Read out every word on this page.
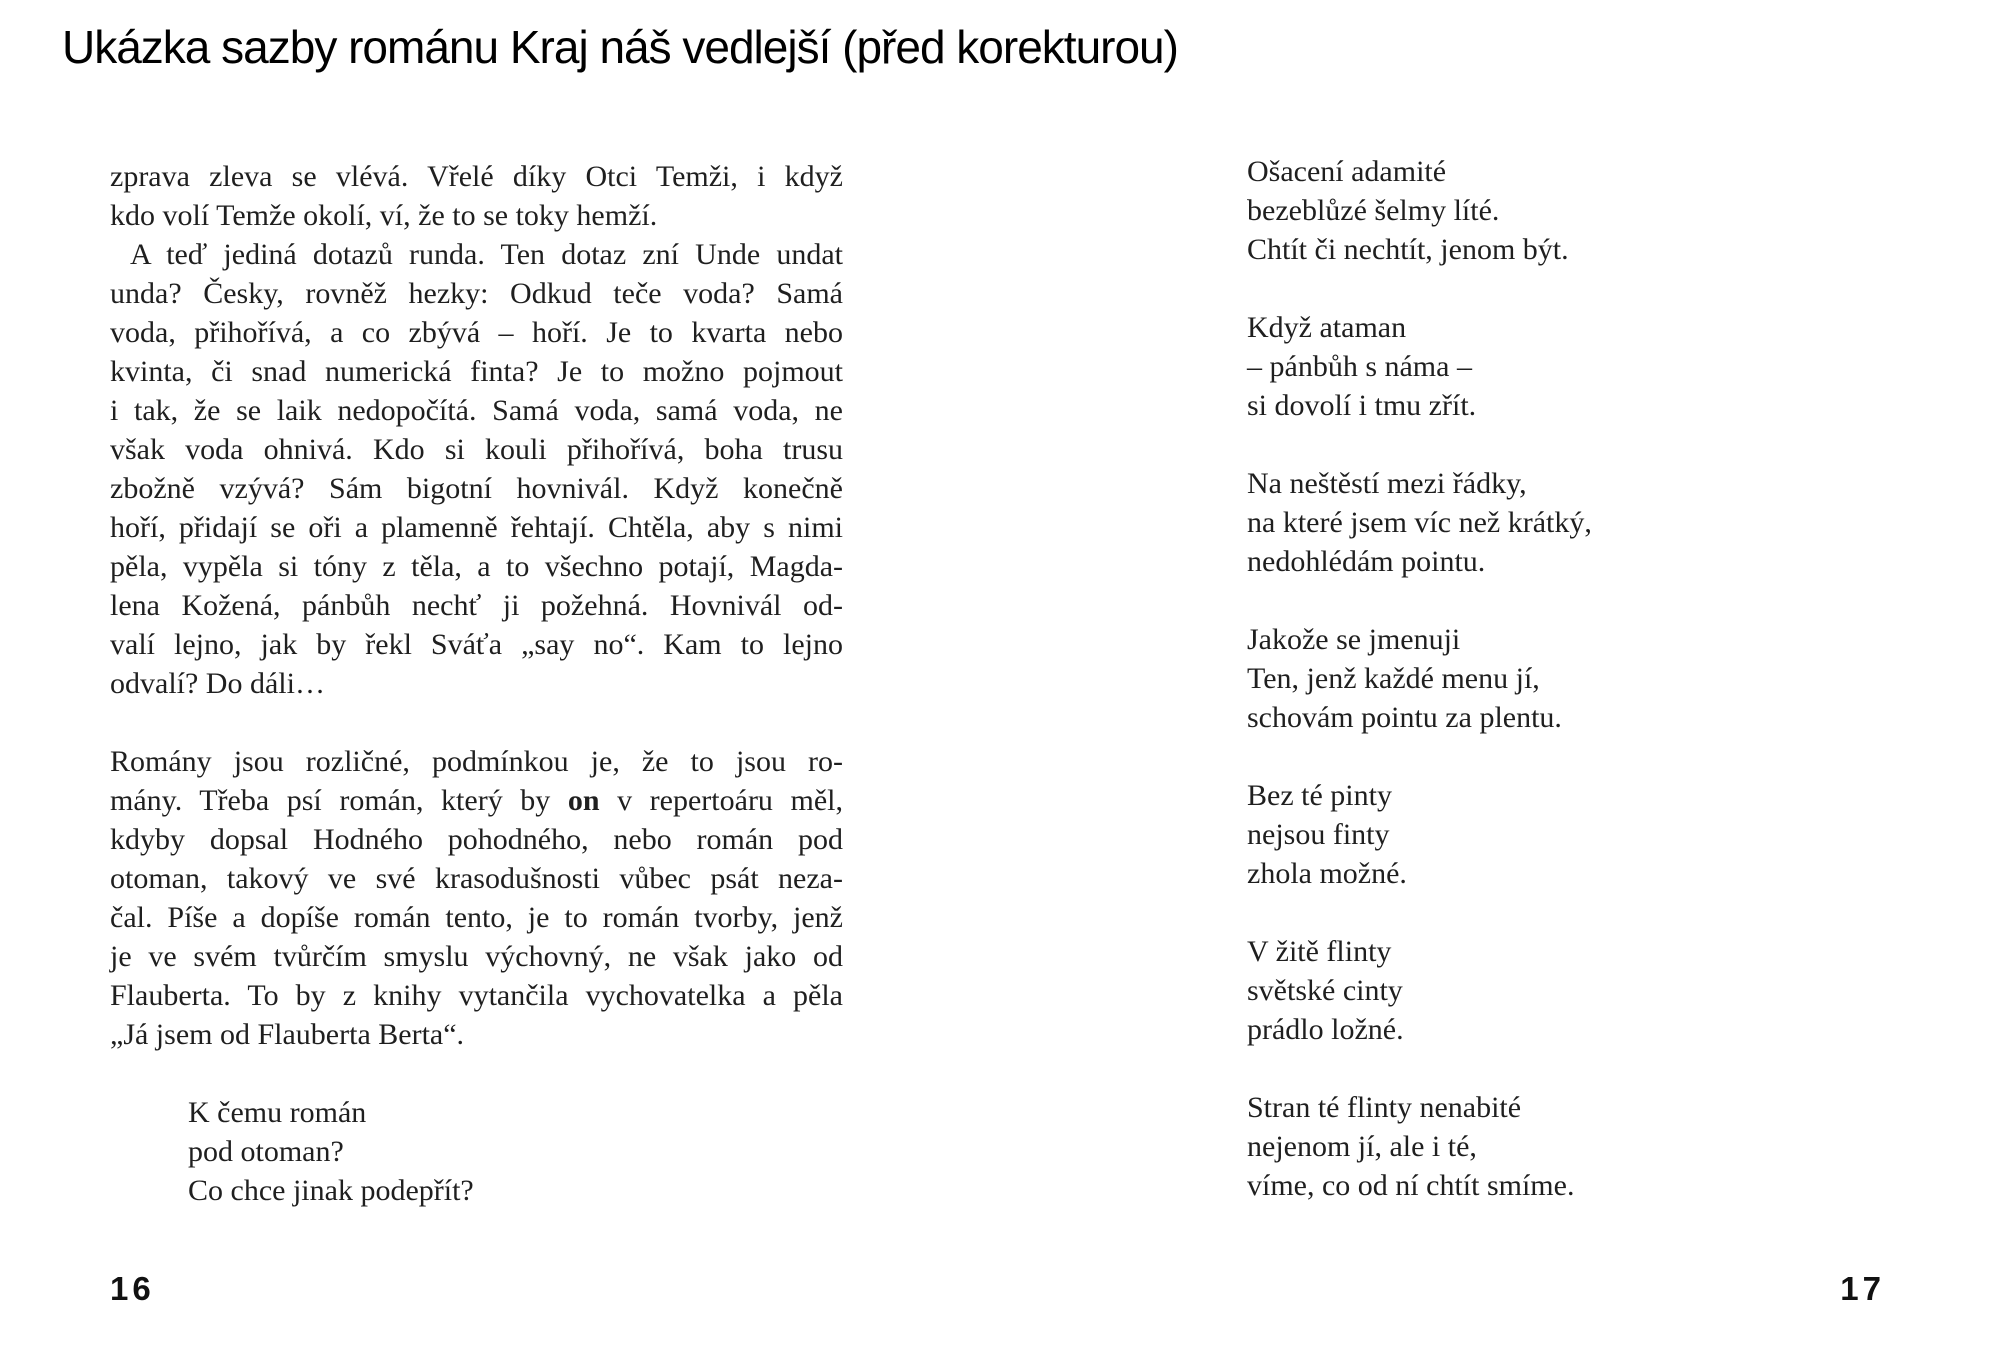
Ukázka sazby románu Kraj náš vedlejší (před korekturou)
zprava zleva se vlévá. Vřelé díky Otci Temži, i když
kdo volí Temže okolí, ví, že to se toky hemží.
A teď jediná dotazů runda. Ten dotaz zní Unde undat
unda? Česky, rovněž hezky: Odkud teče voda? Samá
voda, přihořívá, a co zbývá – hoří. Je to kvarta nebo
kvinta, či snad numerická finta? Je to možno pojmout
i tak, že se laik nedopočítá. Samá voda, samá voda, ne
však voda ohnivá. Kdo si kouli přihořívá, boha trusu
zbožně vzývá? Sám bigotní hovnivál. Když konečně
hoří, přidají se oři a plamenně řehtají. Chtěla, aby s nimi
pěla, vypěla si tóny z těla, a to všechno potají, Magda-
lena Kožená, pánbůh nechť ji požehná. Hovnivál od-
valí lejno, jak by řekl Sváťa „say no“. Kam to lejno
odvalí? Do dáli…
Romány jsou rozličné, podmínkou je, že to jsou ro-
mány. Třeba psí román, který by on v repertoáru měl,
kdyby dopsal Hodného pohodného, nebo román pod
otoman, takový ve své krasodušnosti vůbec psát neza-
čal. Píše a dopíše román tento, je to román tvorby, jenž
je ve svém tvůrčím smyslu výchovný, ne však jako od
Flauberta. To by z knihy vytančila vychovatelka a pěla
„Já jsem od Flauberta Berta“.
K čemu román
pod otoman?
Co chce jinak podepřít?
Ošacení adamité
bezeblůzé šelmy líté.
Chtít či nechtít, jenom být.
Když ataman
– pánbůh s náma –
si dovolí i tmu zřít.
Na neštěstí mezi řádky,
na které jsem víc než krátký,
nedohlédám pointu.
Jakože se jmenuji
Ten, jenž každé menu jí,
schovám pointu za plentu.
Bez té pinty
nejsou finty
zhola možné.
V žitě flinty
světské cinty
prádlo ložné.
Stran té flinty nenabité
nejenom jí, ale i té,
víme, co od ní chtít smíme.
16	17
